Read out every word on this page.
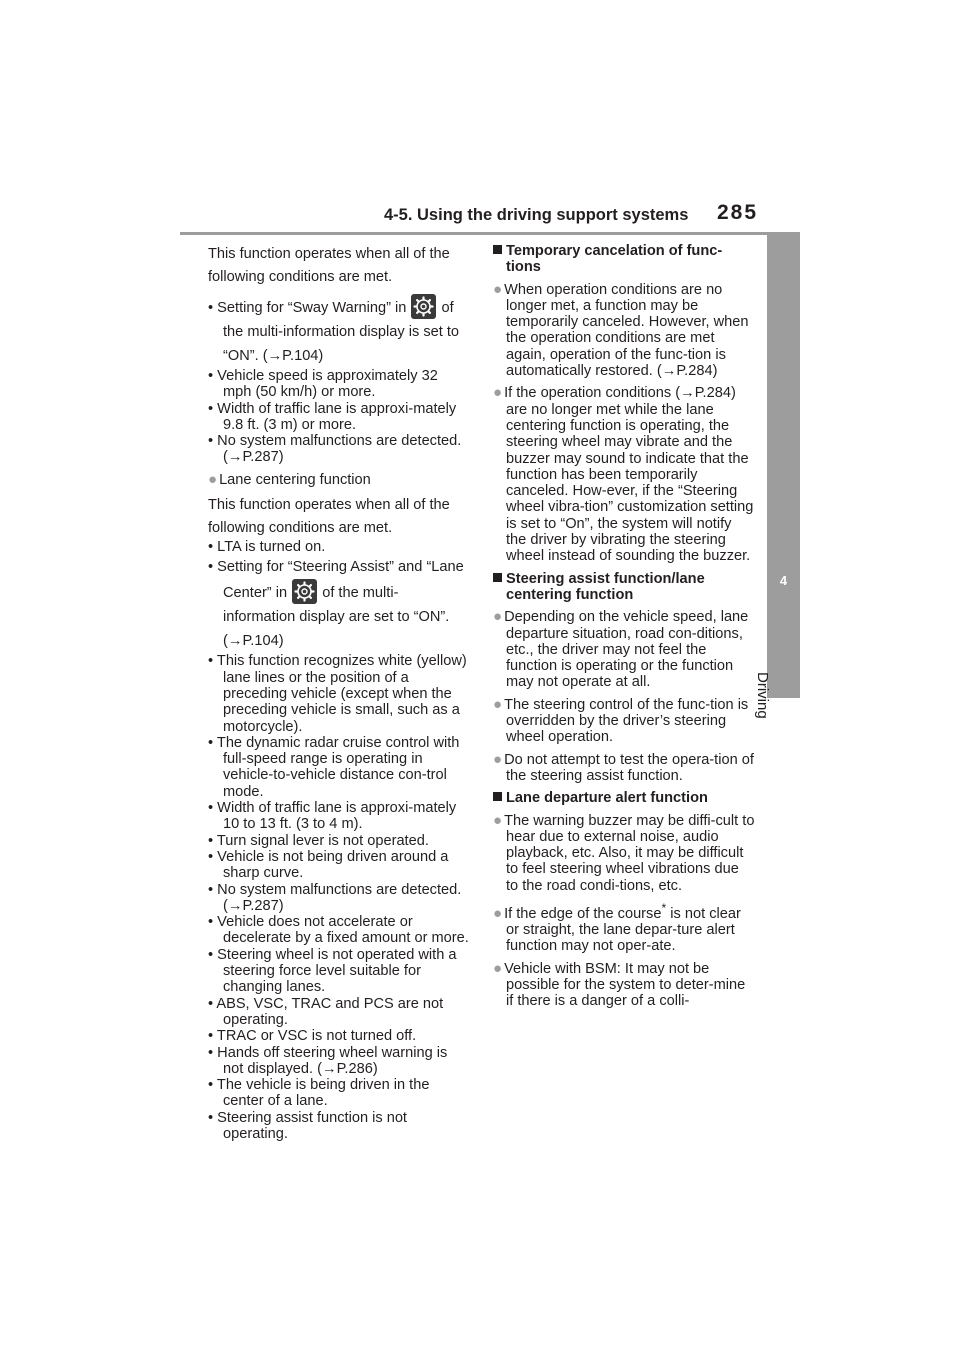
4-5. Using the driving support systems 285
4
Driving

This function operates when all of the following conditions are met.

• Setting for “Sway Warning” in of the multi-information display is set to “ON”. (→P.104)

• Vehicle speed is approximately 32 mph (50 km/h) or more.

• Width of traffic lane is approxi-mately 9.8 ft. (3 m) or more.

• No system malfunctions are detected. (→P.287)

● Lane centering function

This function operates when all of the following conditions are met.

• LTA is turned on.

• Setting for “Steering Assist” and “Lane Center” in of the multi-information display are set to “ON”. (→P.104)

• This function recognizes white (yellow) lane lines or the position of a preceding vehicle (except when the preceding vehicle is small, such as a motorcycle).

• The dynamic radar cruise control with full-speed range is operating in vehicle-to-vehicle distance con-trol mode.

• Width of traffic lane is approxi-mately 10 to 13 ft. (3 to 4 m).

• Turn signal lever is not operated.

• Vehicle is not being driven around a sharp curve.

• No system malfunctions are detected. (→P.287)

• Vehicle does not accelerate or decelerate by a fixed amount or more.

• Steering wheel is not operated with a steering force level suitable for changing lanes.

• ABS, VSC, TRAC and PCS are not operating.

• TRAC or VSC is not turned off.

• Hands off steering wheel warning is not displayed. (→P.286)

• The vehicle is being driven in the center of a lane.

• Steering assist function is not operating.

Temporary cancelation of func-tions

● When operation conditions are no longer met, a function may be temporarily canceled. However, when the operation conditions are met again, operation of the func-tion is automatically restored. (→P.284)

● If the operation conditions (→P.284) are no longer met while the lane centering function is operating, the steering wheel may vibrate and the buzzer may sound to indicate that the function has been temporarily canceled. How-ever, if the “Steering wheel vibra-tion” customization setting is set to “On”, the system will notify the driver by vibrating the steering wheel instead of sounding the buzzer.

Steering assist function/lane centering function

● Depending on the vehicle speed, lane departure situation, road con-ditions, etc., the driver may not feel the function is operating or the function may not operate at all.

● The steering control of the func-tion is overridden by the driver’s steering wheel operation.

● Do not attempt to test the opera-tion of the steering assist function.

Lane departure alert function

● The warning buzzer may be diffi-cult to hear due to external noise, audio playback, etc. Also, it may be difficult to feel steering wheel vibrations due to the road condi-tions, etc.

● If the edge of the course* is not clear or straight, the lane depar-ture alert function may not oper-ate.

● Vehicle with BSM: It may not be possible for the system to deter-mine if there is a danger of a colli-
